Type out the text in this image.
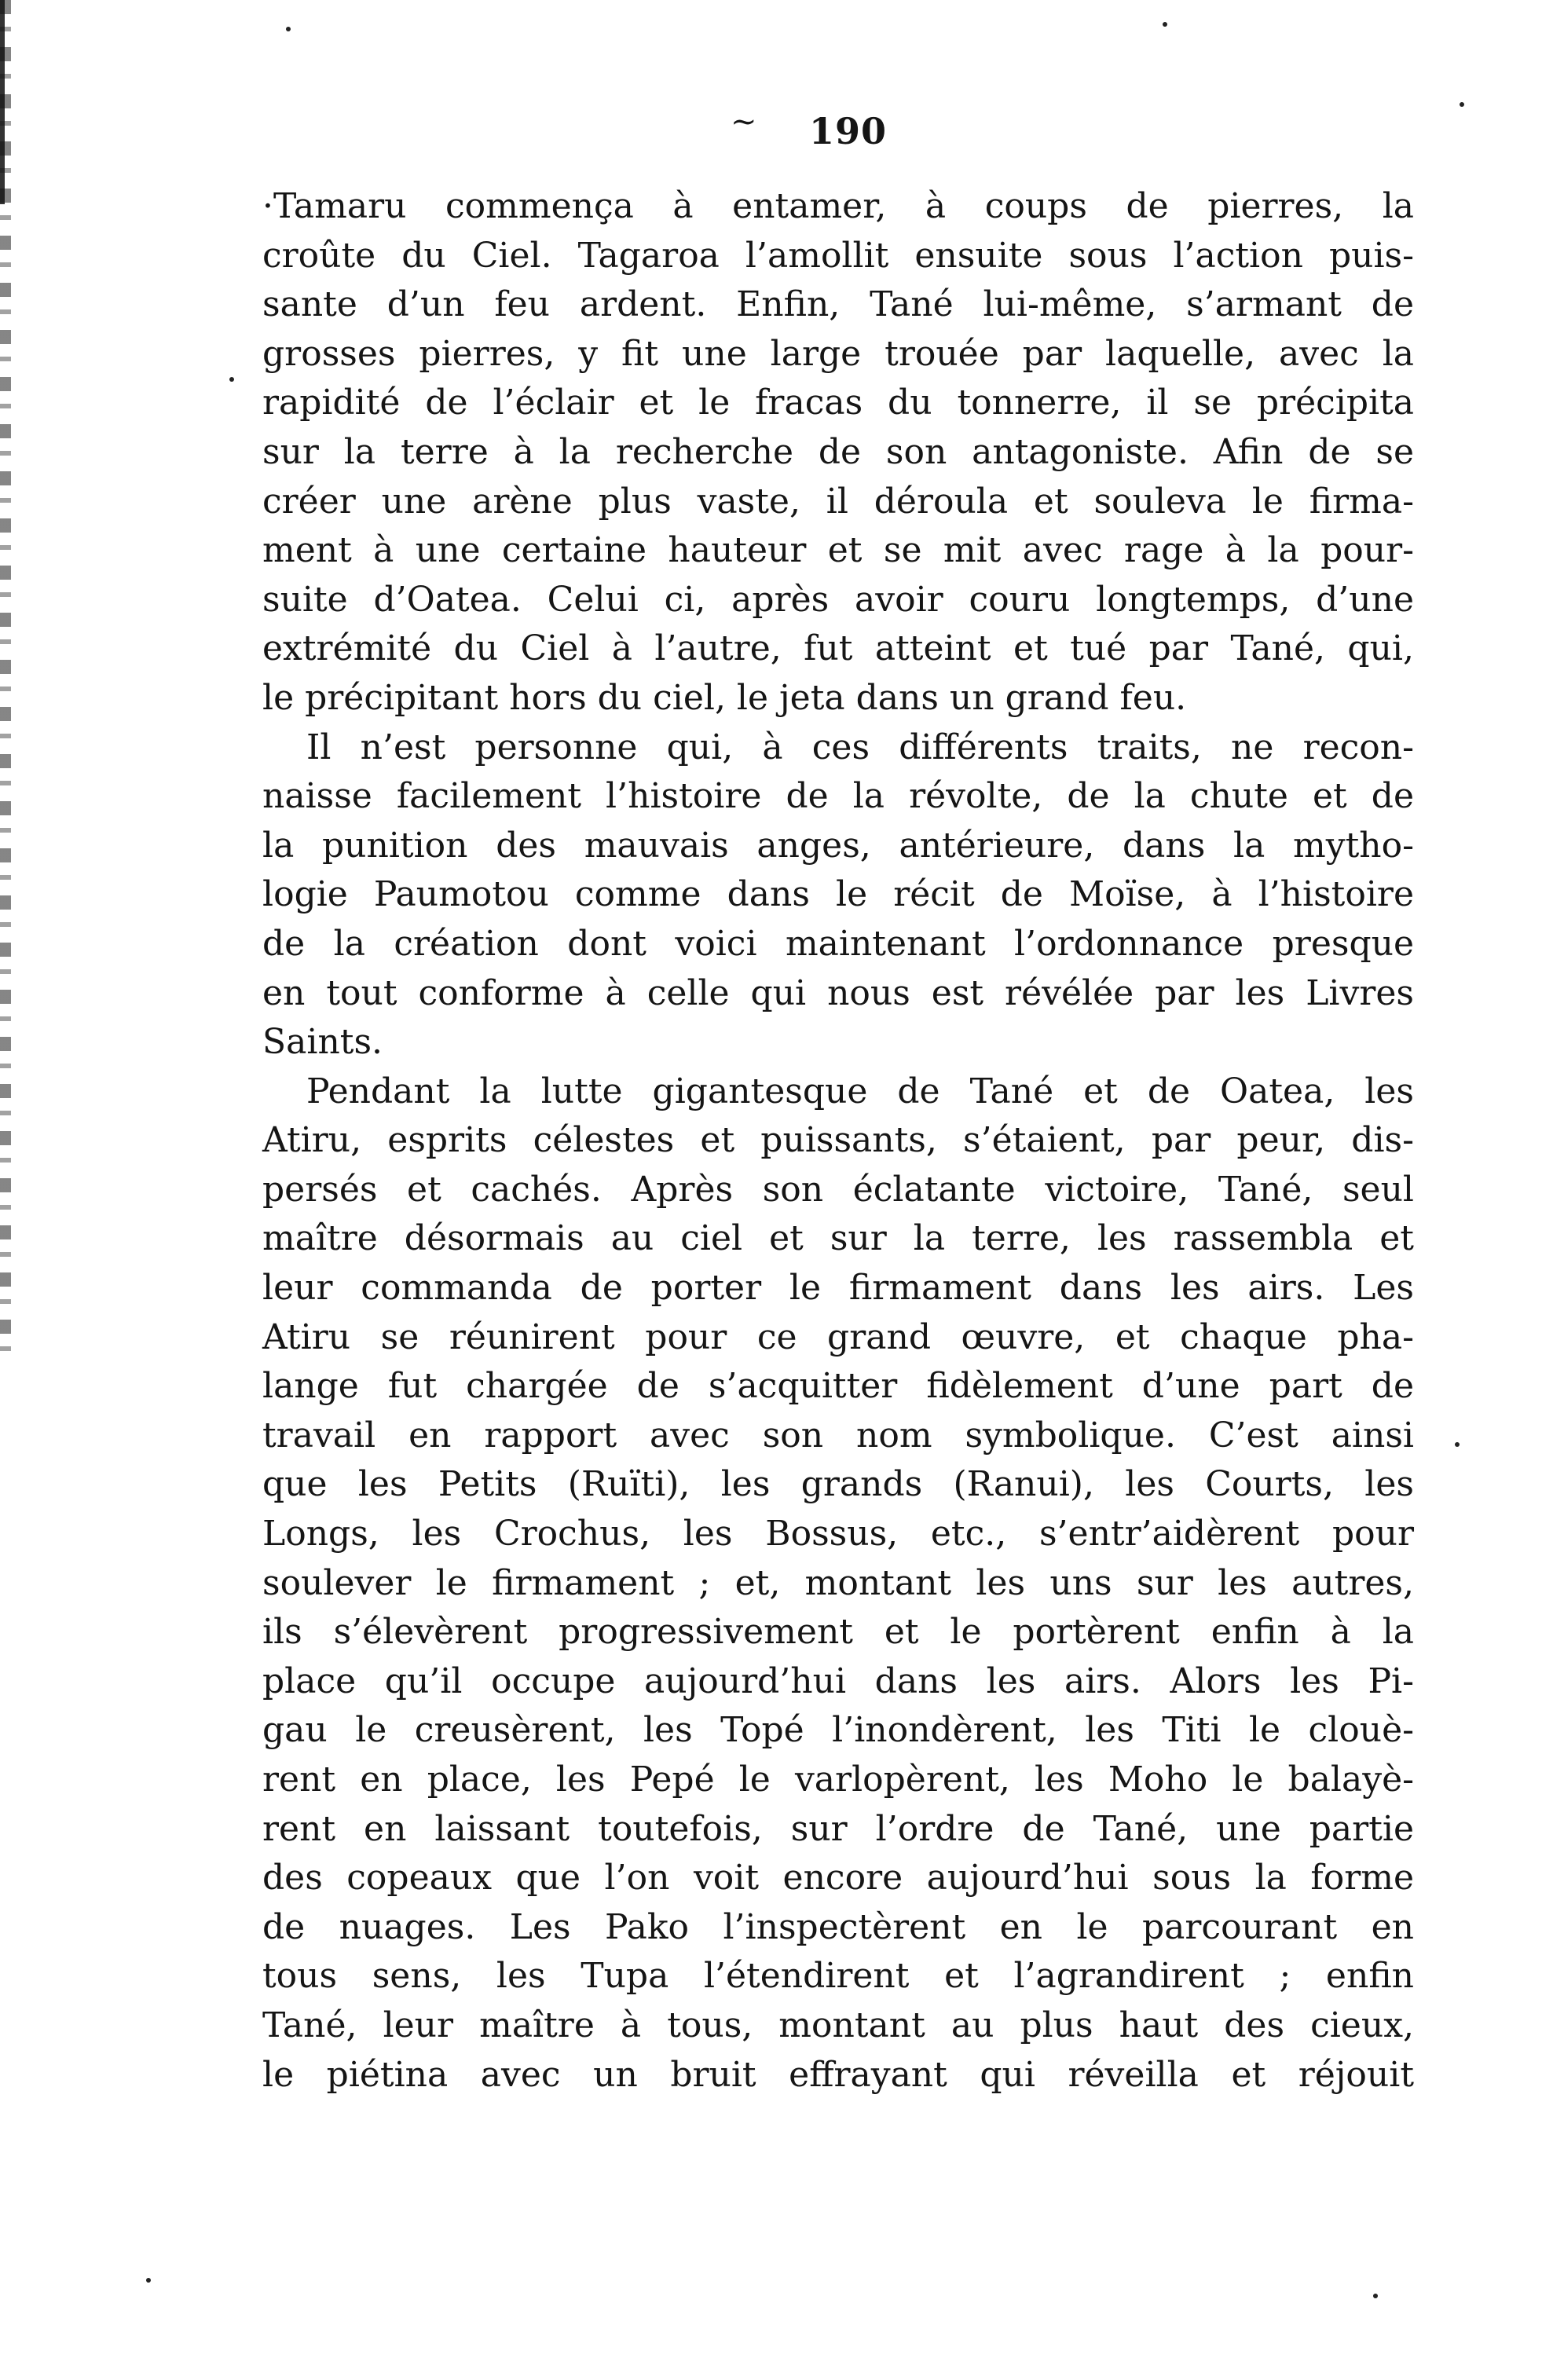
~ 190
·Tamaru commença à entamer, à coups de pierres, la
croûte du Ciel. Tagaroa l’amollit ensuite sous l’action puis-
sante d’un feu ardent. Enfin, Tané lui-même, s’armant de
grosses pierres, y fit une large trouée par laquelle, avec la
rapidité de l’éclair et le fracas du tonnerre, il se précipita
sur la terre à la recherche de son antagoniste. Afin de se
créer une arène plus vaste, il déroula et souleva le firma-
ment à une certaine hauteur et se mit avec rage à la pour-
suite d’Oatea. Celui ci, après avoir couru longtemps, d’une
extrémité du Ciel à l’autre, fut atteint et tué par Tané, qui,
le précipitant hors du ciel, le jeta dans un grand feu.
Il n’est personne qui, à ces différents traits, ne recon-
naisse facilement l’histoire de la révolte, de la chute et de
la punition des mauvais anges, antérieure, dans la mytho-
logie Paumotou comme dans le récit de Moïse, à l’histoire
de la création dont voici maintenant l’ordonnance presque
en tout conforme à celle qui nous est révélée par les Livres
Saints.
Pendant la lutte gigantesque de Tané et de Oatea, les
Atiru, esprits célestes et puissants, s’étaient, par peur, dis-
persés et cachés. Après son éclatante victoire, Tané, seul
maître désormais au ciel et sur la terre, les rassembla et
leur commanda de porter le firmament dans les airs. Les
Atiru se réunirent pour ce grand œuvre, et chaque pha-
lange fut chargée de s’acquitter fidèlement d’une part de
travail en rapport avec son nom symbolique. C’est ainsi
que les Petits (Ruïti), les grands (Ranui), les Courts, les
Longs, les Crochus, les Bossus, etc., s’entr’aidèrent pour
soulever le firmament ; et, montant les uns sur les autres,
ils s’élevèrent progressivement et le portèrent enfin à la
place qu’il occupe aujourd’hui dans les airs. Alors les Pi-
gau le creusèrent, les Topé l’inondèrent, les Titi le clouè-
rent en place, les Pepé le varlopèrent, les Moho le balayè-
rent en laissant toutefois, sur l’ordre de Tané, une partie
des copeaux que l’on voit encore aujourd’hui sous la forme
de nuages. Les Pako l’inspectèrent en le parcourant en
tous sens, les Tupa l’étendirent et l’agrandirent ; enfin
Tané, leur maître à tous, montant au plus haut des cieux,
le piétina avec un bruit effrayant qui réveilla et réjouit
